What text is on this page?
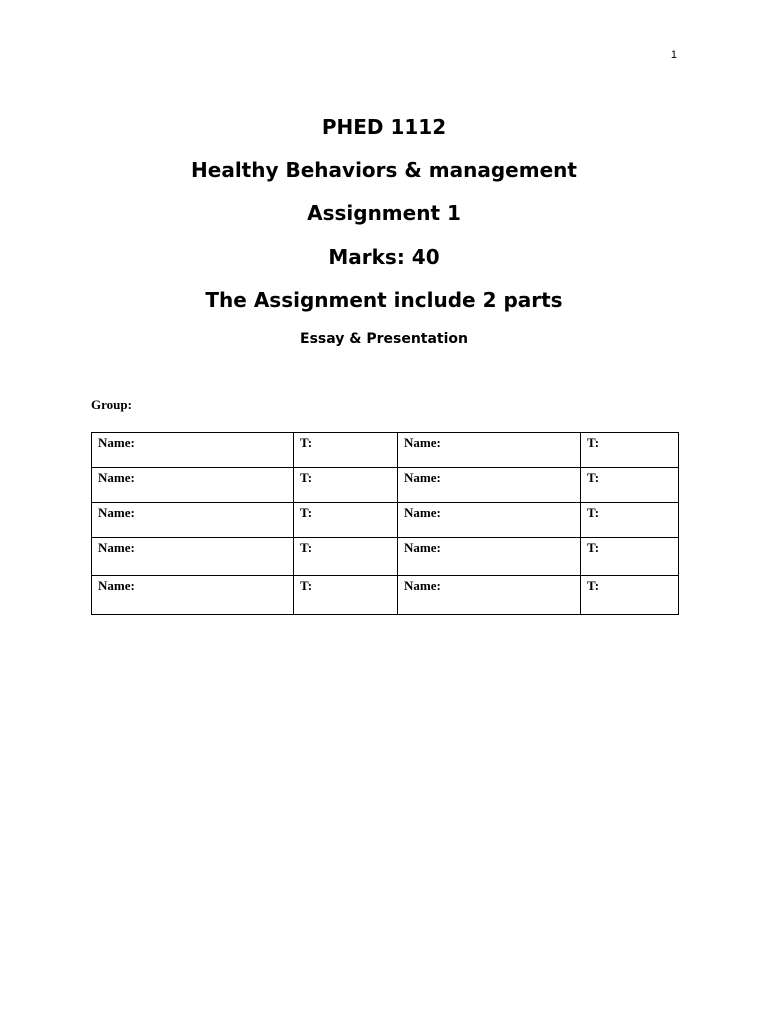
1
PHED 1112
Healthy Behaviors & management
Assignment 1
Marks: 40
The Assignment include 2 parts
Essay & Presentation
Group:
Name:	T:	Name:	T:
Name:	T:	Name:	T:
Name:	T:	Name:	T:
Name:	T:	Name:	T:
Name:	T:	Name:	T:
